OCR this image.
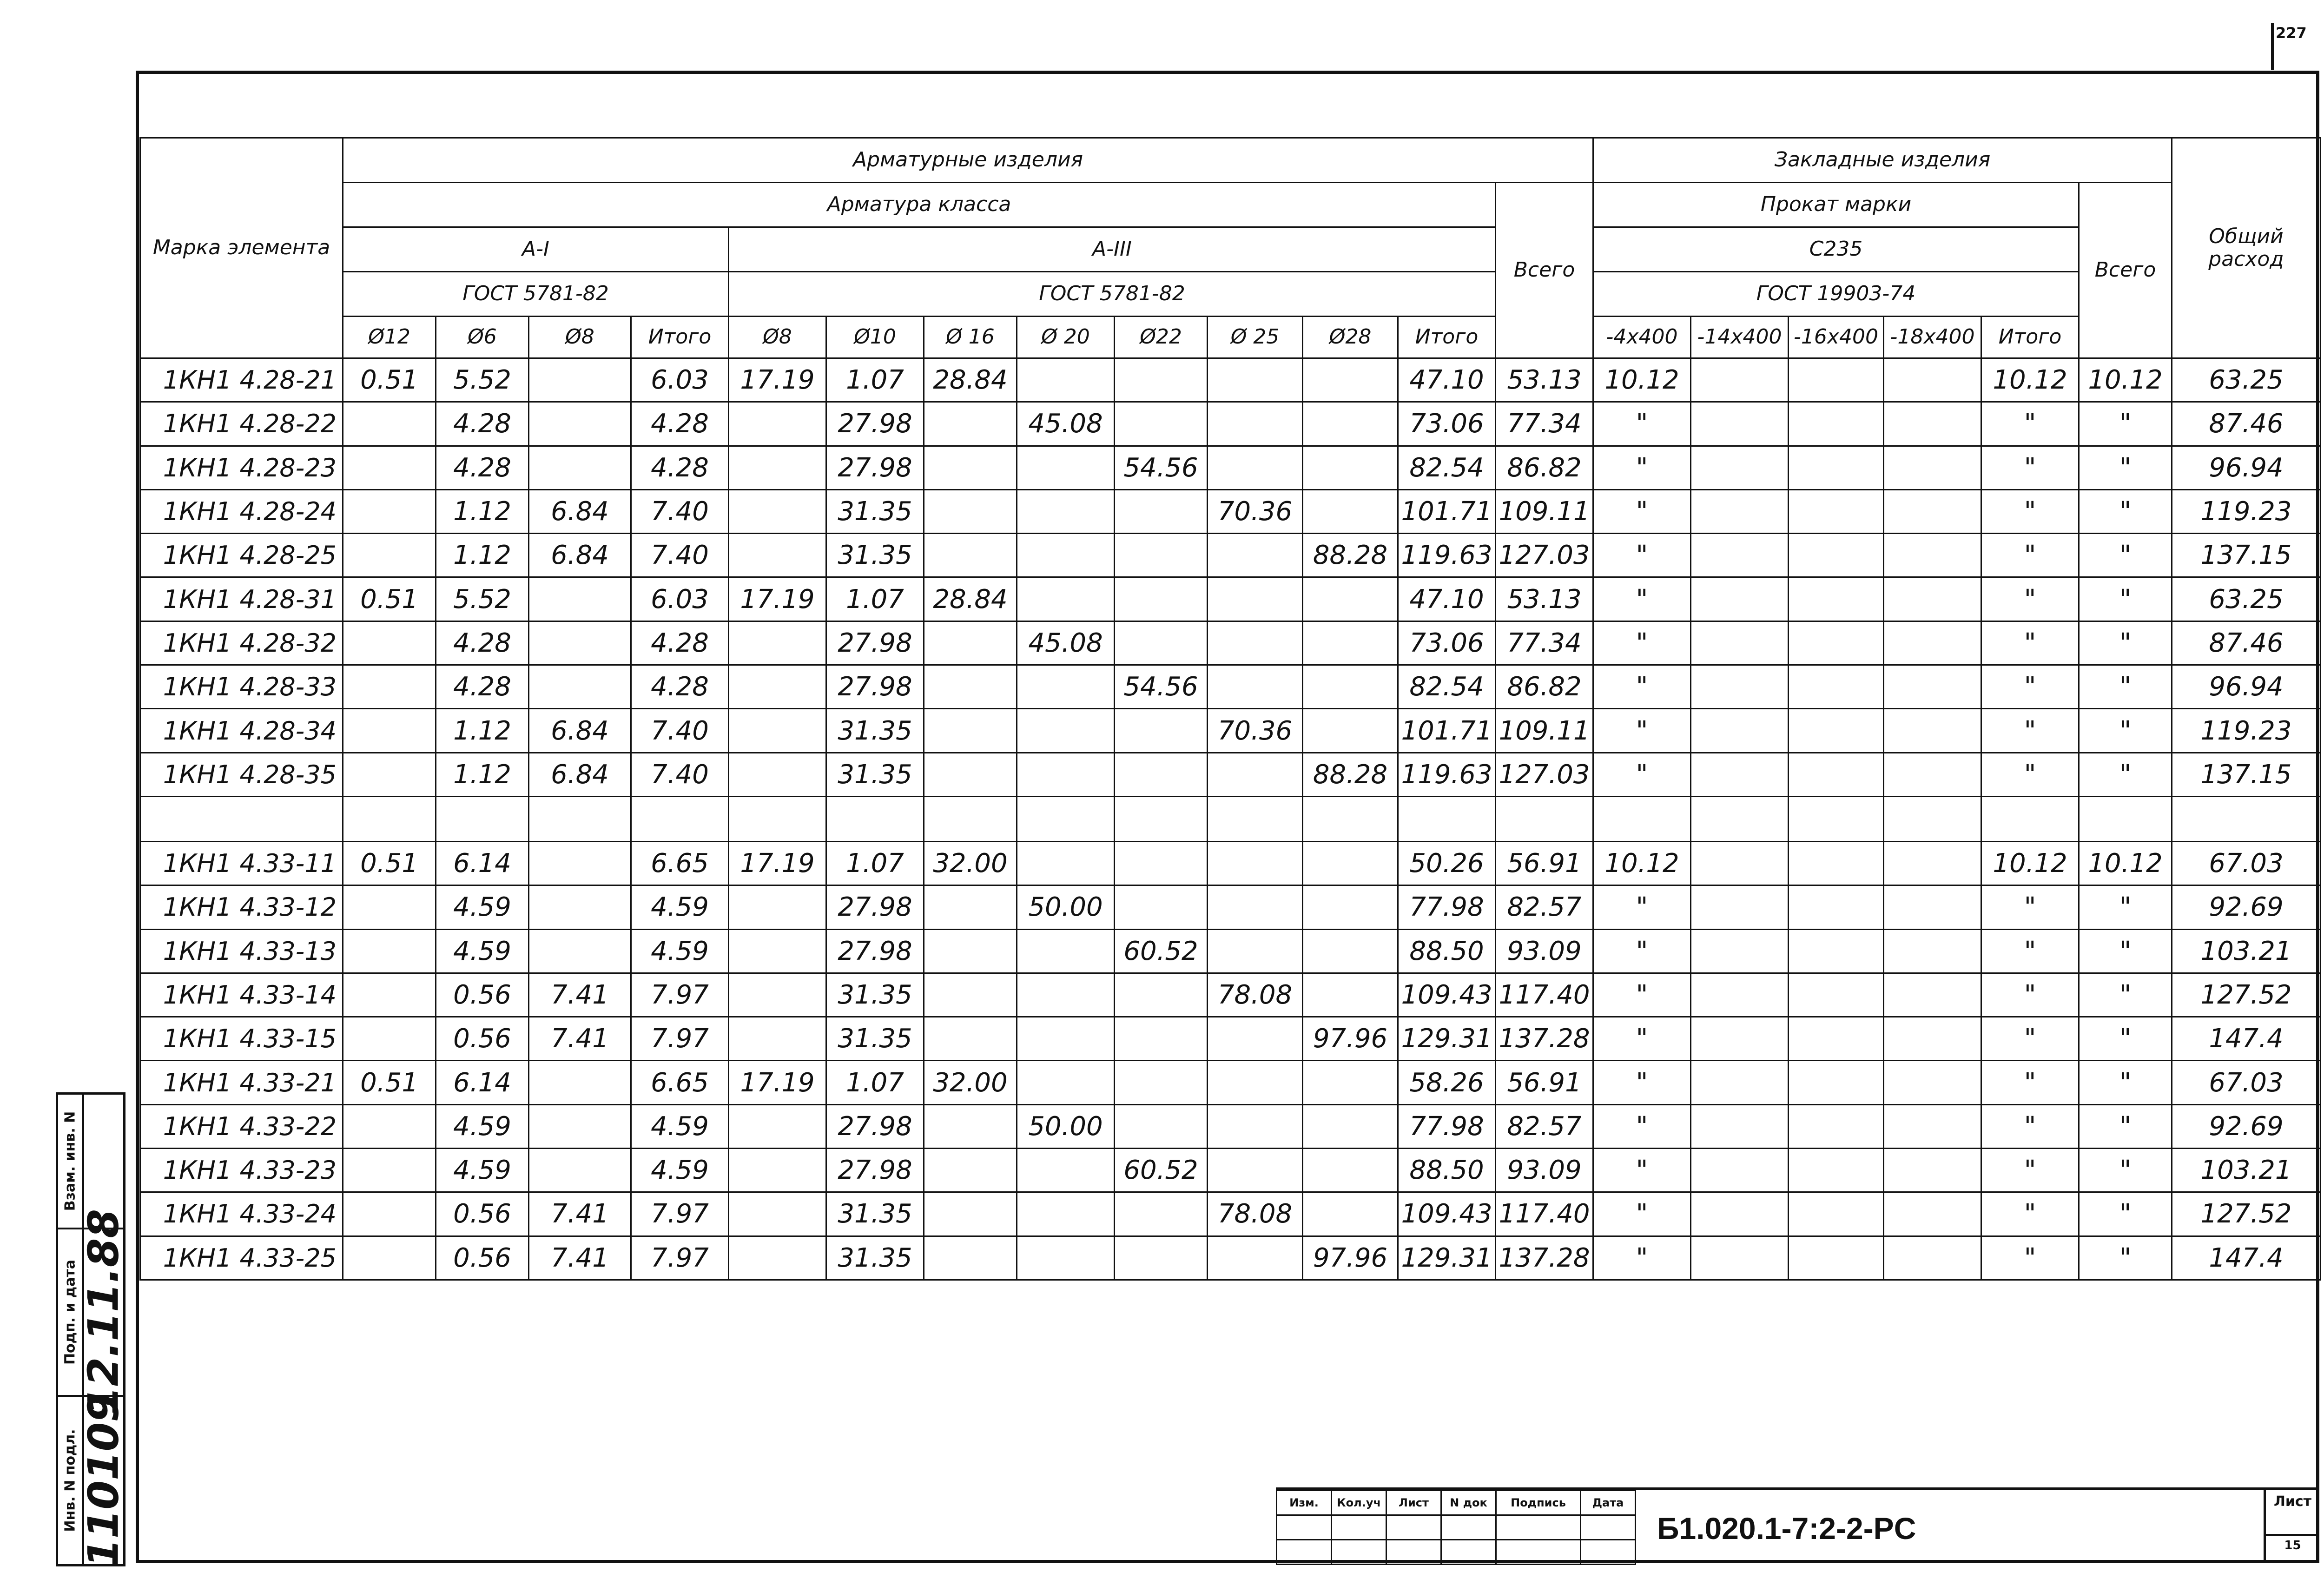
227
Марка элемента	Арматурные изделия													Закладные изделия						Общий расход
	Арматура класса												Всего	Прокат марки					Всего	
	A-I				A-III									С235						
	ГОСТ 5781-82				ГОСТ 5781-82									ГОСТ 19903-74						
	Ø12	Ø6	Ø8	Итого	Ø8	Ø10	Ø 16	Ø 20	Ø22	Ø 25	Ø28	Итого		-4x400	-14x400	-16x400	-18x400	Итого		
1КН1 4.28-21	0.51	5.52		6.03	17.19	1.07	28.84					47.10	53.13	10.12				10.12	10.12	63.25
1КН1 4.28-22		4.28		4.28		27.98		45.08				73.06	77.34	"				"	"	87.46
1КН1 4.28-23		4.28		4.28		27.98			54.56			82.54	86.82	"				"	"	96.94
1КН1 4.28-24		1.12	6.84	7.40		31.35				70.36		101.71	109.11	"				"	"	119.23
1КН1 4.28-25		1.12	6.84	7.40		31.35					88.28	119.63	127.03	"				"	"	137.15
1КН1 4.28-31	0.51	5.52		6.03	17.19	1.07	28.84					47.10	53.13	"				"	"	63.25
1КН1 4.28-32		4.28		4.28		27.98		45.08				73.06	77.34	"				"	"	87.46
1КН1 4.28-33		4.28		4.28		27.98			54.56			82.54	86.82	"				"	"	96.94
1КН1 4.28-34		1.12	6.84	7.40		31.35				70.36		101.71	109.11	"				"	"	119.23
1КН1 4.28-35		1.12	6.84	7.40		31.35					88.28	119.63	127.03	"				"	"	137.15

1КН1 4.33-11	0.51	6.14		6.65	17.19	1.07	32.00					50.26	56.91	10.12				10.12	10.12	67.03
1КН1 4.33-12		4.59		4.59		27.98		50.00				77.98	82.57	"				"	"	92.69
1КН1 4.33-13		4.59		4.59		27.98			60.52			88.50	93.09	"				"	"	103.21
1КН1 4.33-14		0.56	7.41	7.97		31.35				78.08		109.43	117.40	"				"	"	127.52
1КН1 4.33-15		0.56	7.41	7.97		31.35					97.96	129.31	137.28	"				"	"	147.4
1КН1 4.33-21	0.51	6.14		6.65	17.19	1.07	32.00					58.26	56.91	"				"	"	67.03
1КН1 4.33-22		4.59		4.59		27.98		50.00				77.98	82.57	"				"	"	92.69
1КН1 4.33-23		4.59		4.59		27.98			60.52			88.50	93.09	"				"	"	103.21
1КН1 4.33-24		0.56	7.41	7.97		31.35				78.08		109.43	117.40	"				"	"	127.52
1КН1 4.33-25		0.56	7.41	7.97		31.35					97.96	129.31	137.28	"				"	"	147.4
Взам. инв. N
Подп. и дата
Инв. N подл.
12.11.88
110109	Изм.	Кол.уч	Лист	N док	Подпись	Дата

Б1.020.1-7:2-2-PC
Лист
15
